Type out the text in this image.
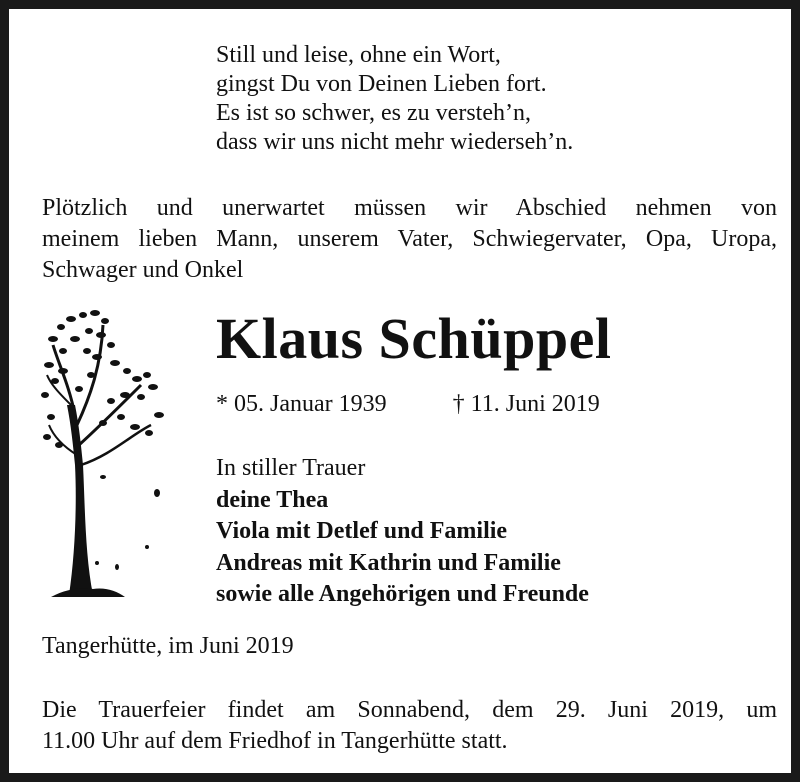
Still und leise, ohne ein Wort,
gingst Du von Deinen Lieben fort.
Es ist so schwer, es zu versteh’n,
dass wir uns nicht mehr wiederseh’n.
Plötzlich und unerwartet müssen wir Abschied nehmen von
meinem lieben Mann, unserem Vater, Schwiegervater, Opa, Uropa,
Schwager und Onkel
Klaus Schüppel
* 05. Januar 1939	† 11. Juni 2019
In stiller Trauer
deine Thea
Viola mit Detlef und Familie
Andreas mit Kathrin und Familie
sowie alle Angehörigen und Freunde
Tangerhütte, im Juni 2019
Die Trauerfeier findet am Sonnabend, dem 29. Juni 2019, um
11.00 Uhr auf dem Friedhof in Tangerhütte statt.
